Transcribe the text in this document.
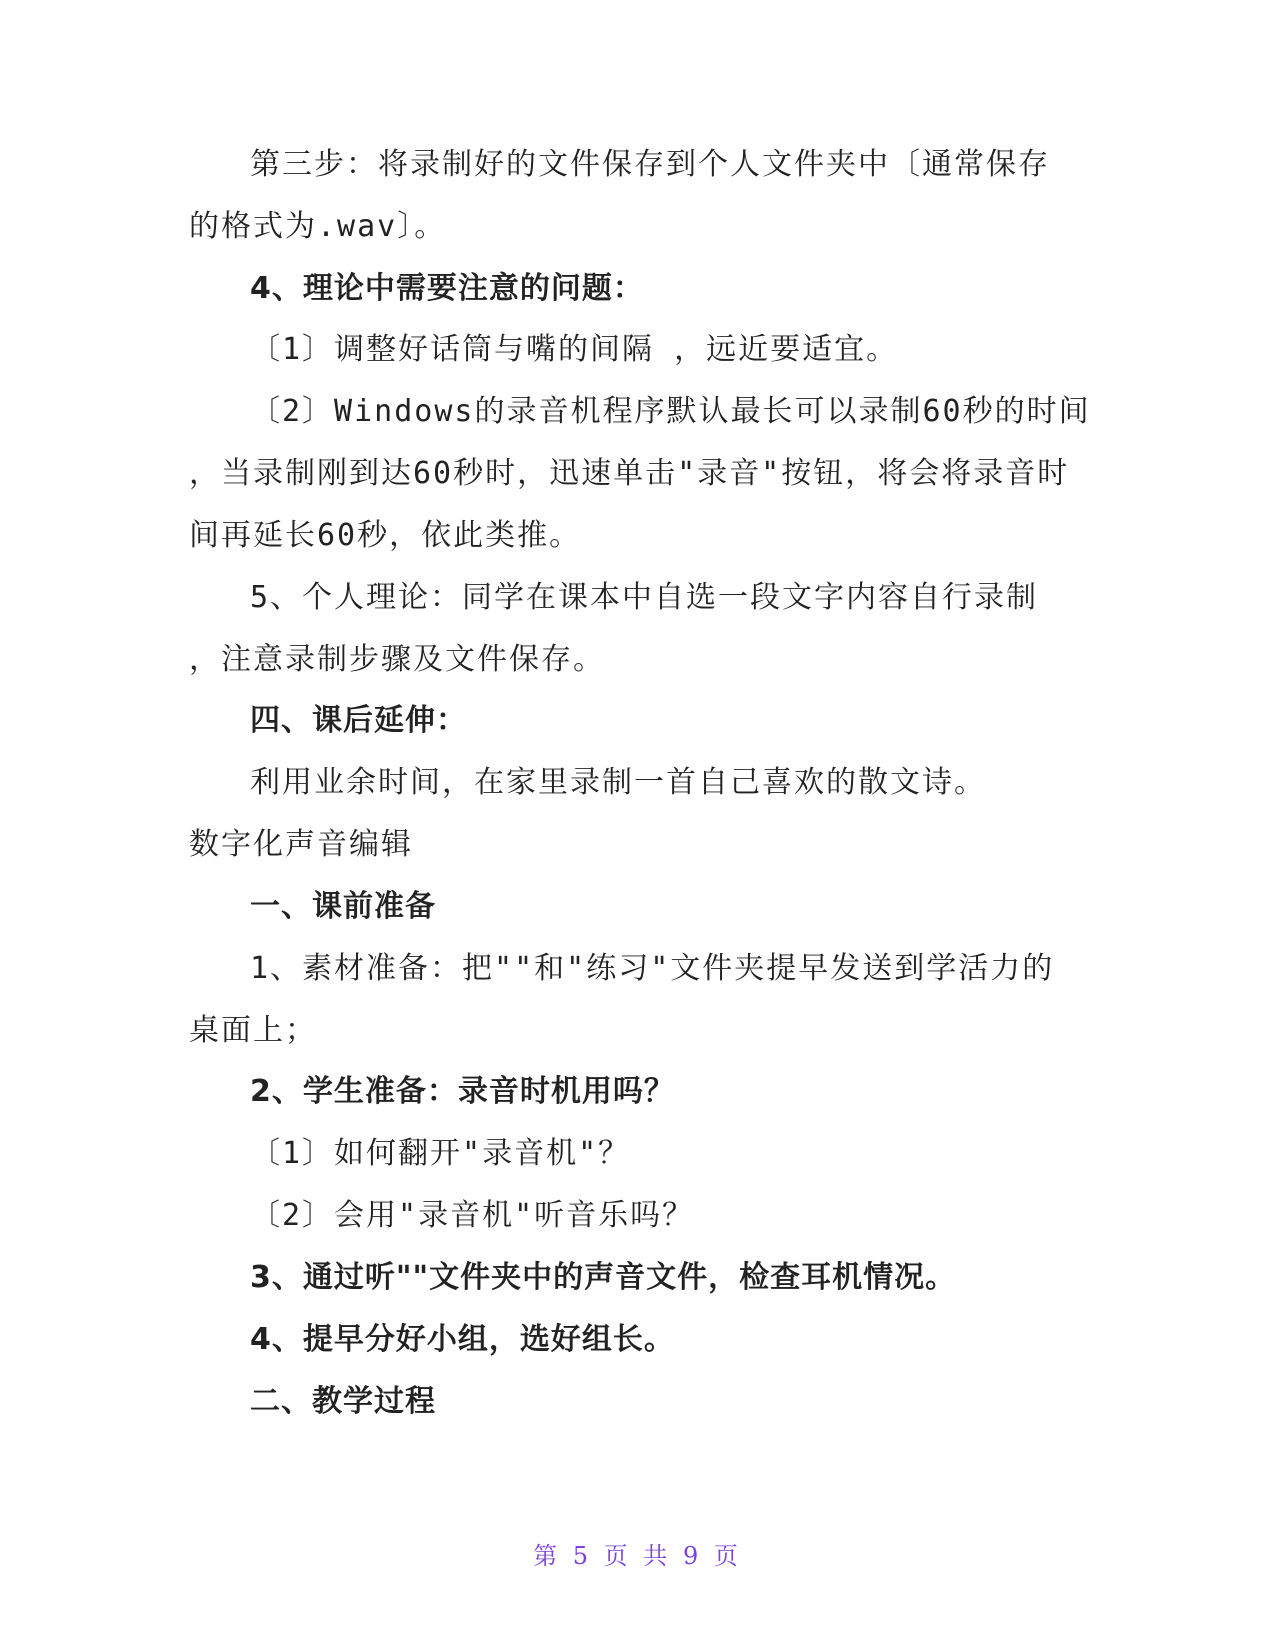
第三步：将录制好的文件保存到个人文件夹中〔通常保存
的格式为.wav〕。
4、理论中需要注意的问题：
〔1〕调整好话筒与嘴的间隔 ，远近要适宜。
〔2〕Windows的录音机程序默认最长可以录制60秒的时间
，当录制刚到达60秒时，迅速单击"录音"按钮，将会将录音时
间再延长60秒，依此类推。
5、个人理论：同学在课本中自选一段文字内容自行录制
，注意录制步骤及文件保存。
四、课后延伸：
利用业余时间，在家里录制一首自己喜欢的散文诗。
数字化声音编辑
一、课前准备
1、素材准备：把""和"练习"文件夹提早发送到学活力的
桌面上；
2、学生准备：录音时机用吗？
〔1〕如何翻开"录音机"？
〔2〕会用"录音机"听音乐吗？
3、通过听""文件夹中的声音文件，检查耳机情况。
4、提早分好小组，选好组长。
二、教学过程
第 5 页 共 9 页
